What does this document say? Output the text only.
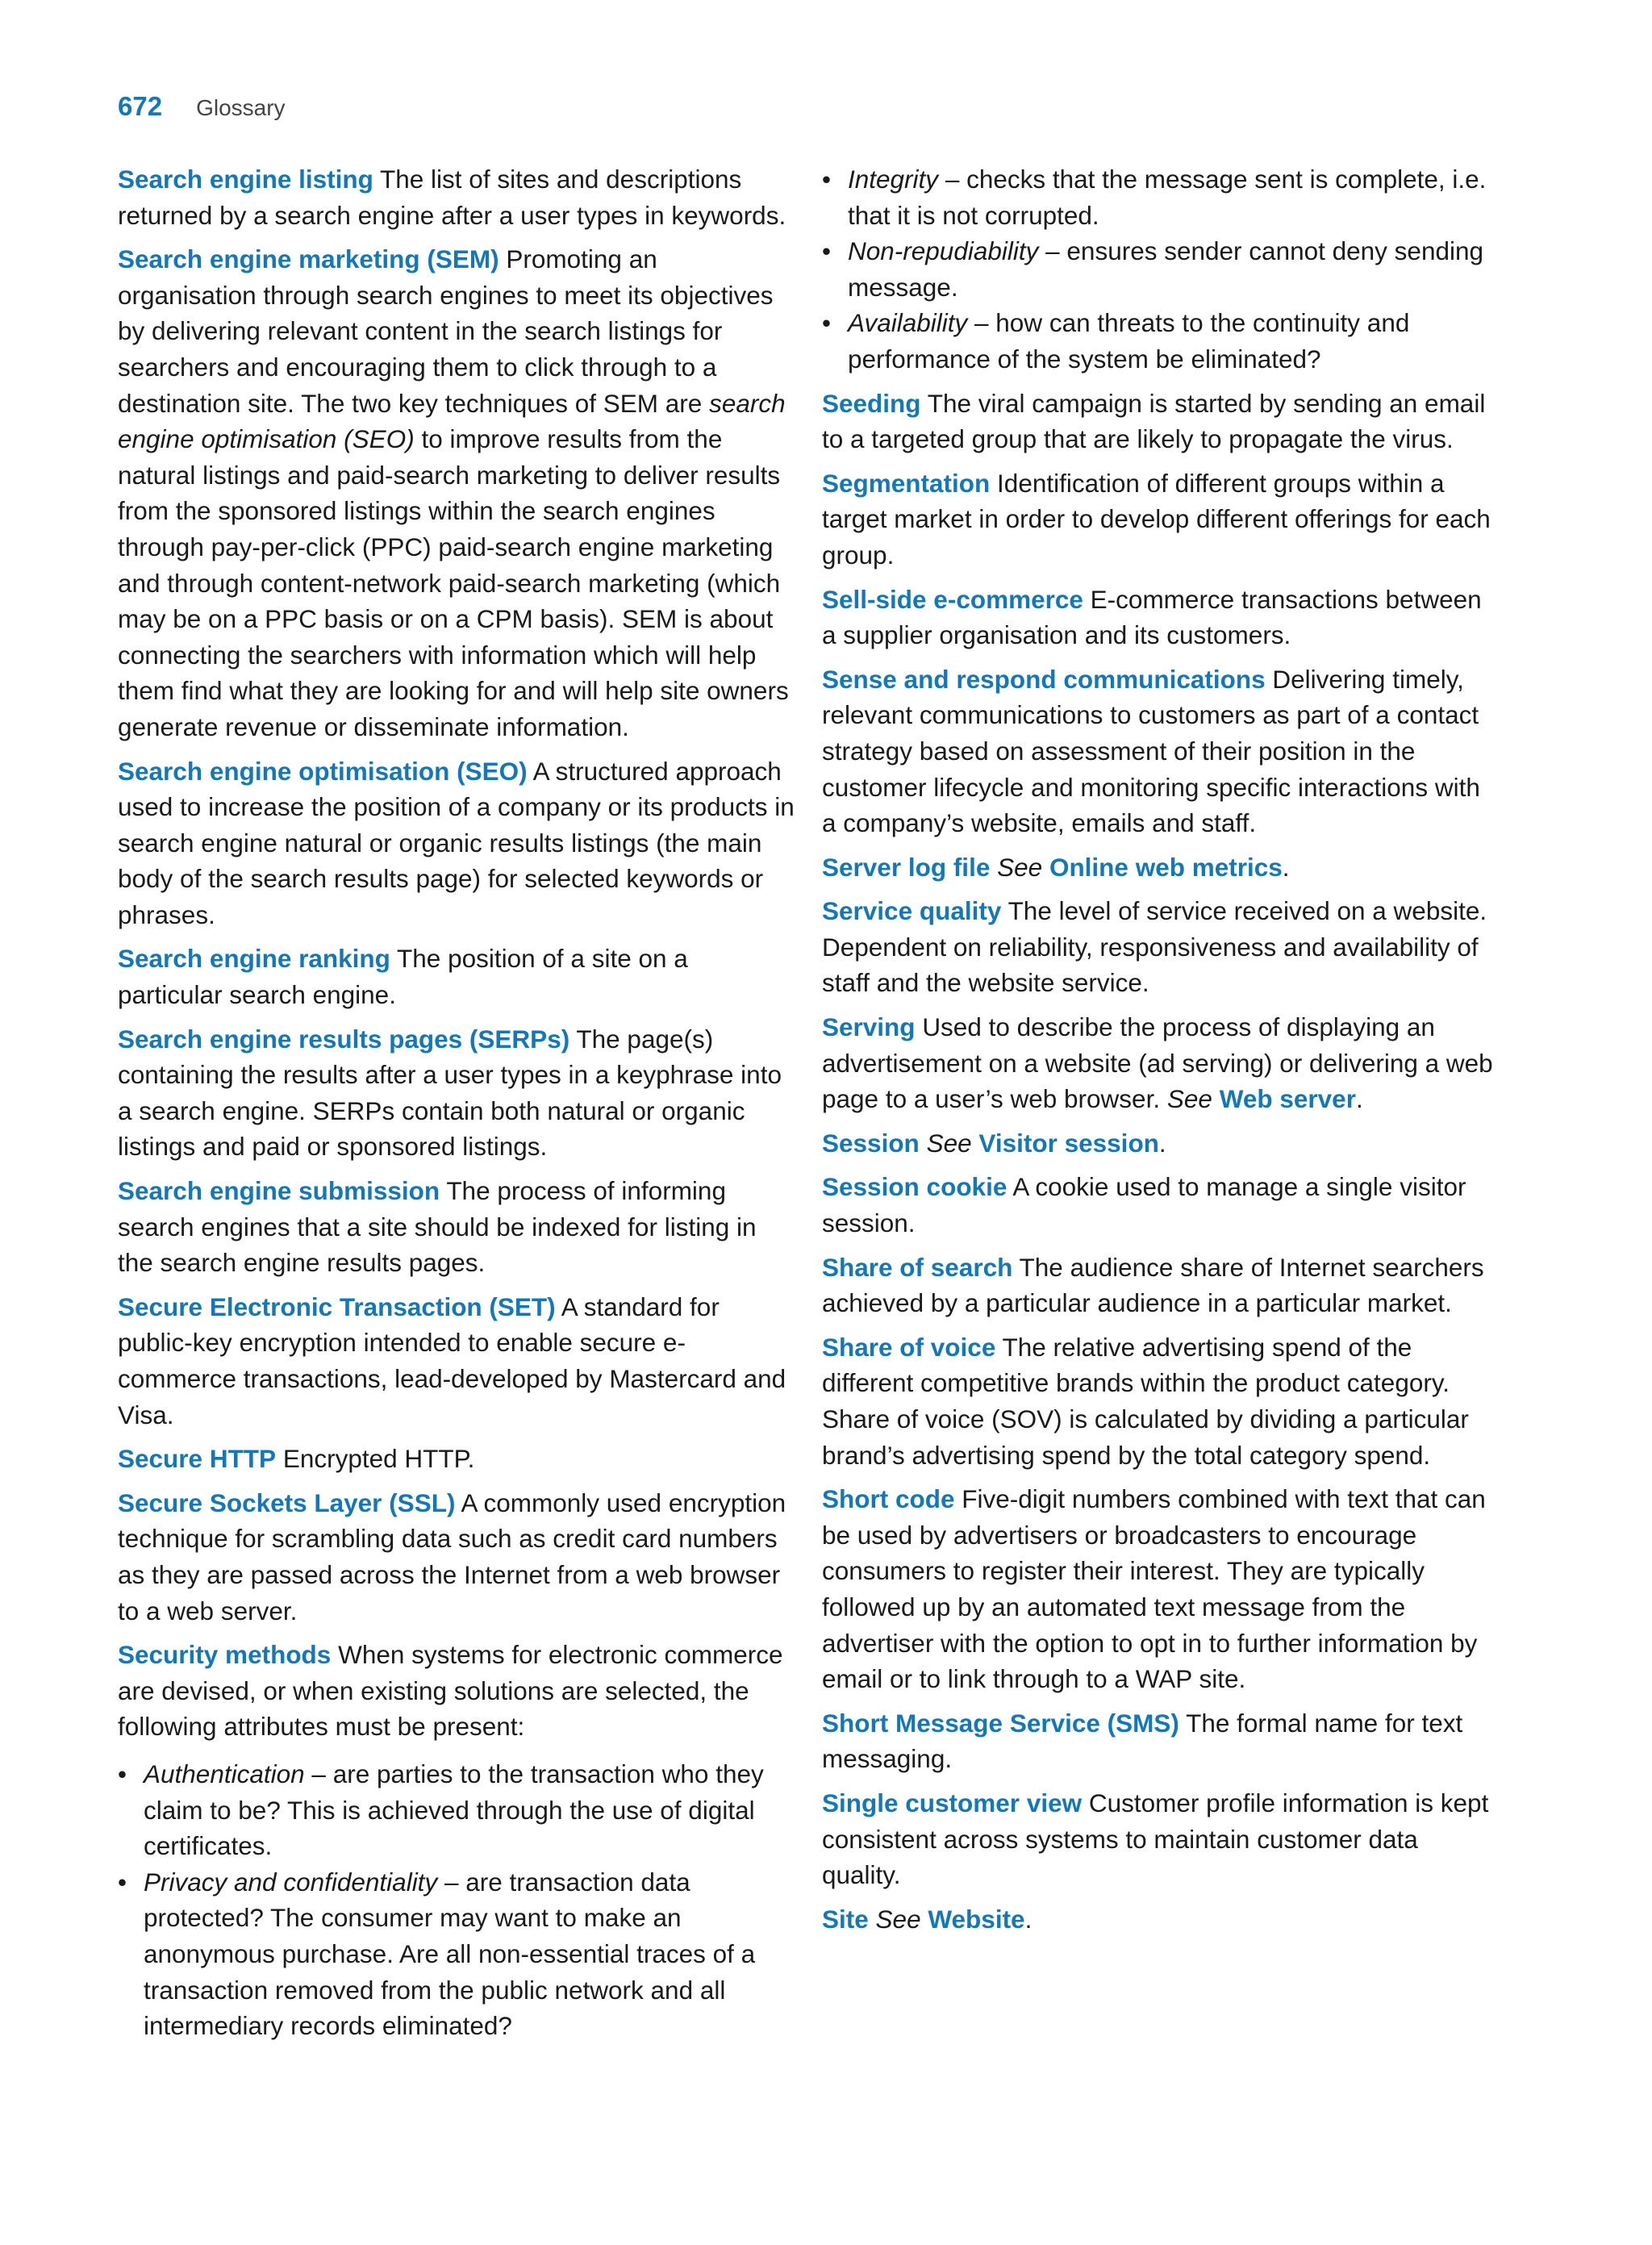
672 Glossary

Search engine listing The list of sites and descriptions returned by a search engine after a user types in keywords.

Search engine marketing (SEM) Promoting an organisation through search engines to meet its objectives by delivering relevant content in the search listings for searchers and encouraging them to click through to a destination site. The two key techniques of SEM are search engine optimisation (SEO) to improve results from the natural listings and paid-search marketing to deliver results from the sponsored listings within the search engines through pay-per-click (PPC) paid-search engine marketing and through content-network paid-search marketing (which may be on a PPC basis or on a CPM basis). SEM is about connecting the searchers with information which will help them find what they are looking for and will help site owners generate revenue or disseminate information.

Search engine optimisation (SEO) A structured approach used to increase the position of a company or its products in search engine natural or organic results listings (the main body of the search results page) for selected keywords or phrases.

Search engine ranking The position of a site on a particular search engine.

Search engine results pages (SERPs) The page(s) containing the results after a user types in a keyphrase into a search engine. SERPs contain both natural or organic listings and paid or sponsored listings.

Search engine submission The process of informing search engines that a site should be indexed for listing in the search engine results pages.

Secure Electronic Transaction (SET) A standard for public-key encryption intended to enable secure e-commerce transactions, lead-developed by Mastercard and Visa.

Secure HTTP Encrypted HTTP.

Secure Sockets Layer (SSL) A commonly used encryption technique for scrambling data such as credit card numbers as they are passed across the Internet from a web browser to a web server.

Security methods When systems for electronic commerce are devised, or when existing solutions are selected, the following attributes must be present:

• Authentication – are parties to the transaction who they claim to be? This is achieved through the use of digital certificates.
• Privacy and confidentiality – are transaction data protected? The consumer may want to make an anonymous purchase. Are all non-essential traces of a transaction removed from the public network and all intermediary records eliminated?
• Integrity – checks that the message sent is complete, i.e. that it is not corrupted.
• Non-repudiability – ensures sender cannot deny sending message.
• Availability – how can threats to the continuity and performance of the system be eliminated?

Seeding The viral campaign is started by sending an email to a targeted group that are likely to propagate the virus.

Segmentation Identification of different groups within a target market in order to develop different offerings for each group.

Sell-side e-commerce E-commerce transactions between a supplier organisation and its customers.

Sense and respond communications Delivering timely, relevant communications to customers as part of a contact strategy based on assessment of their position in the customer lifecycle and monitoring specific interactions with a company’s website, emails and staff.

Server log file See Online web metrics.

Service quality The level of service received on a website. Dependent on reliability, responsiveness and availability of staff and the website service.

Serving Used to describe the process of displaying an advertisement on a website (ad serving) or delivering a web page to a user’s web browser. See Web server.

Session See Visitor session.

Session cookie A cookie used to manage a single visitor session.

Share of search The audience share of Internet searchers achieved by a particular audience in a particular market.

Share of voice The relative advertising spend of the different competitive brands within the product category. Share of voice (SOV) is calculated by dividing a particular brand’s advertising spend by the total category spend.

Short code Five-digit numbers combined with text that can be used by advertisers or broadcasters to encourage consumers to register their interest. They are typically followed up by an automated text message from the advertiser with the option to opt in to further information by email or to link through to a WAP site.

Short Message Service (SMS) The formal name for text messaging.

Single customer view Customer profile information is kept consistent across systems to maintain customer data quality.

Site See Website.
